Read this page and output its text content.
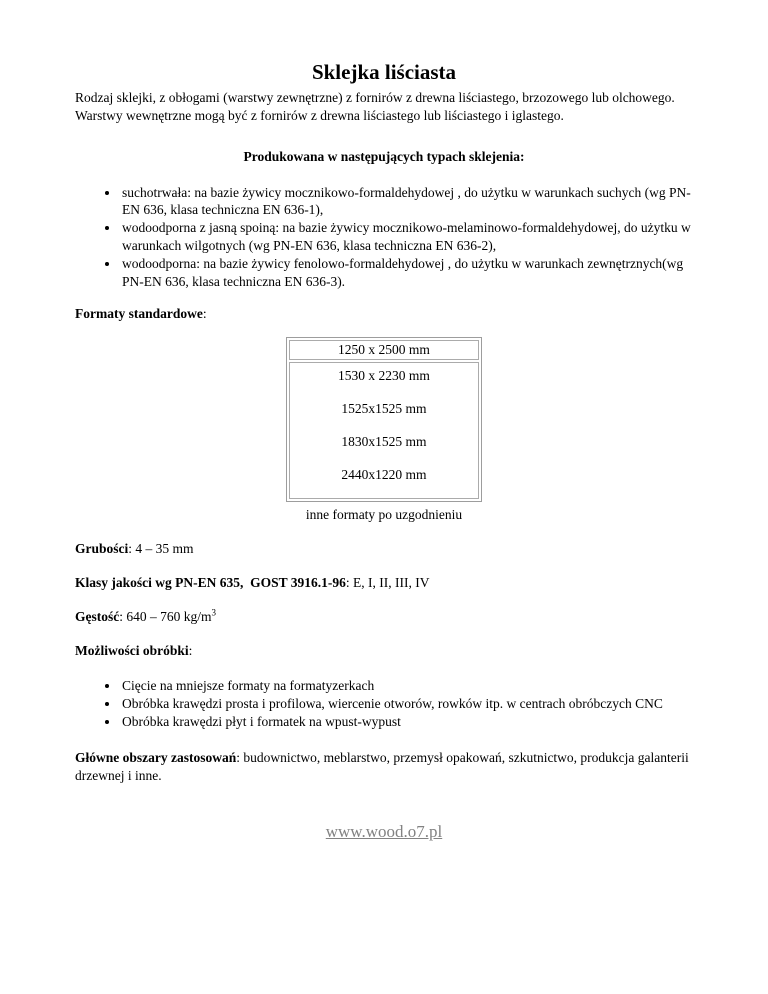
Sklejka liściasta

Rodzaj sklejki, z obłogami (warstwy zewnętrzne) z fornirów z drewna liściastego, brzozowego lub olchowego. Warstwy wewnętrzne mogą być z fornirów z drewna liściastego lub liściastego i iglastego.

Produkowana w następujących typach sklejenia:
• suchotrwała: na bazie żywicy mocznikowo-formaldehydowej , do użytku w warunkach suchych (wg PN-EN 636, klasa techniczna EN 636-1),
• wodoodporna z jasną spoiną: na bazie żywicy mocznikowo-melaminowo-formaldehydowej, do użytku w warunkach wilgotnych (wg PN-EN 636, klasa techniczna EN 636-2),
• wodoodporna: na bazie żywicy fenolowo-formaldehydowej , do użytku w warunkach zewnętrznych(wg PN-EN 636, klasa techniczna EN 636-3).

Formaty standardowe:

1250 x 2500 mm

1530 x 2230 mm

1525x1525 mm

1830x1525 mm

2440x1220 mm

inne formaty po uzgodnieniu

Grubości: 4 – 35 mm

Klasy jakości wg PN-EN 635,  GOST 3916.1-96: E, I, II, III, IV

Gęstość: 640 – 760 $kg/m^3$

Możliwości obróbki:

• Cięcie na mniejsze formaty na formatyzerkach
• Obróbka krawędzi prosta i profilowa, wiercenie otworów, rowków itp. w centrach obróbczych CNC
• Obróbka krawędzi płyt i formatek na wpust-wypust

Główne obszary zastosowań: budownictwo, meblarstwo, przemysł opakowań, szkutnictwo, produkcja galanterii drzewnej i inne.

www.wood.o7.pl
